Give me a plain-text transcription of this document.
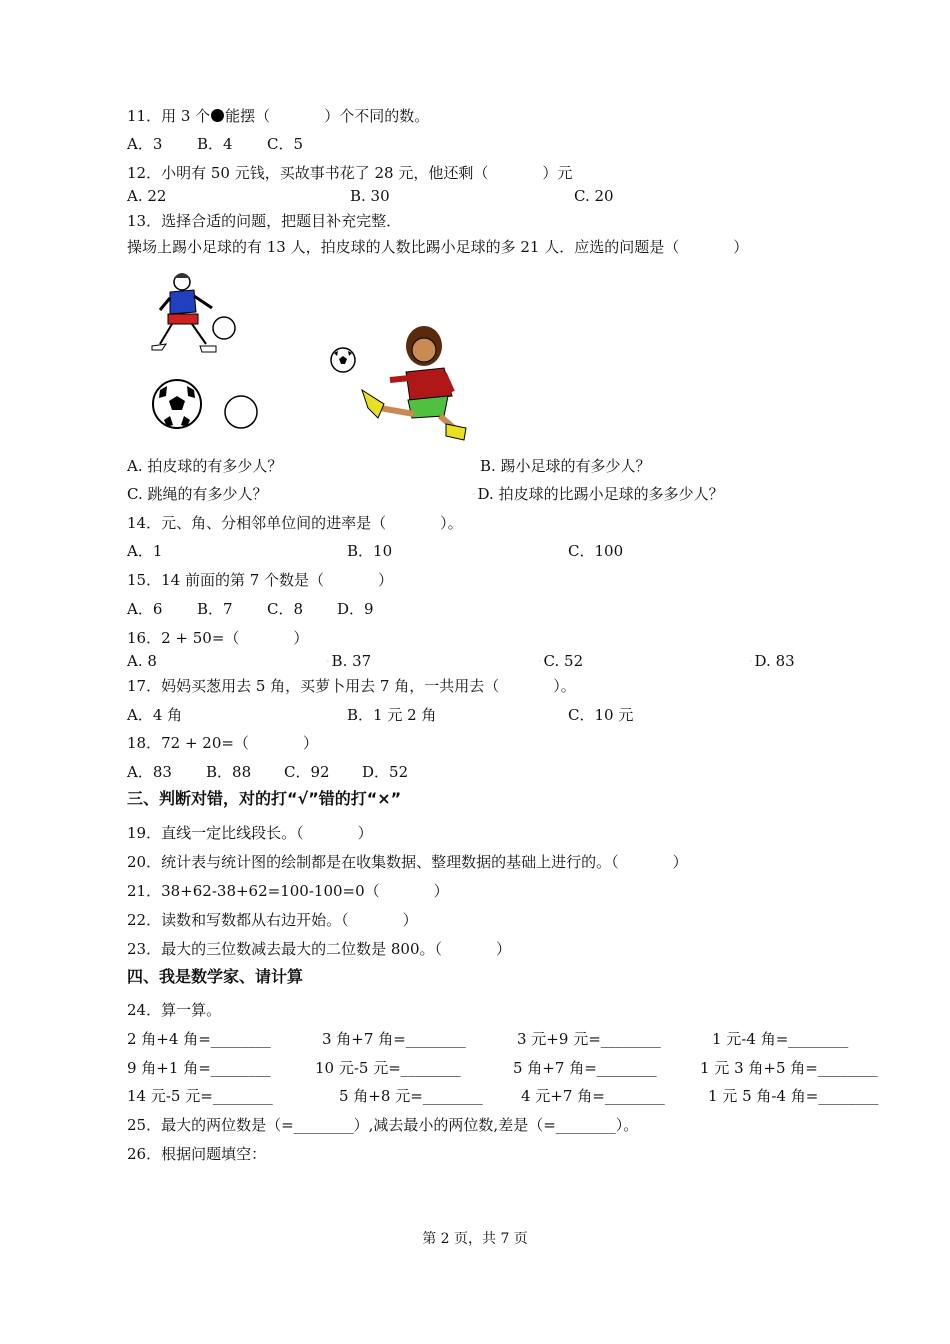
11．用 3 个 能摆（	）个不同的数。
A．3 B．4 C．5
12．小明有 50 元钱，买故事书花了 28 元，他还剩（	）元
A. 22	B. 30	C. 20
13．选择合适的问题，把题目补充完整．
操场上踢小足球的有 13 人，拍皮球的人数比踢小足球的多 21 人．应选的问题是（	）
A. 拍皮球的有多少人？	B. 踢小足球的有多少人？
C. 跳绳的有多少人？	◦ D. 拍皮球的比踢小足球的多多少人？
14．元、角、分相邻单位间的进率是（	）。
A．1	B．10	C．100
15．14 前面的第 7 个数是（	）
A．6 B．7 C．8 D．9
16．2 + 50=（	）
A. 8	◦ B. 37	◦ C. 52	◦ D. 83
17．妈妈买葱用去 5 角，买萝卜用去 7 角，一共用去（	）。
A．4 角	B．1 元 2 角	C．10 元
18．72 + 20=（	）
A．83 B．88 C．92 D．52
三、判断对错，对的打“√”错的打“×”
19．直线一定比线段长。（	）
20．统计表与统计图的绘制都是在收集数据、整理数据的基础上进行的。（	）
21．38+62-38+62=100-100=0（	）
22．读数和写数都从右边开始。（	）
23．最大的三位数减去最大的二位数是 800。（	）
四、我是数学家、请计算
24．算一算。
2 角+4 角=________	3 角+7 角=________	3 元+9 元=________	1 元-4 角=________
9 角+1 角=________	10 元-5 元=________	5 角+7 角=________	1 元 3 角+5 角=________
14 元-5 元=________	5 角+8 元=________	4 元+7 角=________	1 元 5 角-4 角=________
25．最大的两位数是（=________）,减去最小的两位数,差是（=________）。
26．根据问题填空：
第 2 页，共 7 页
